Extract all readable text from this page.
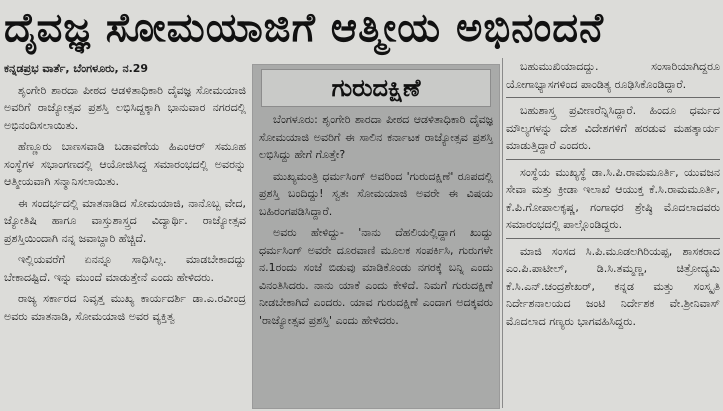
ದೈವಜ್ಞ ಸೋಮಯಾಜಿಗೆ ಆತ್ಮೀಯ ಅಭಿನಂದನೆ

ಕನ್ನಡಪ್ರಭ ವಾರ್ತೆ, ಬೆಂಗಳೂರು, ನ.29

ಶೃಂಗೇರಿ ಶಾರದಾ ಪೀಠದ ಆಡಳಿತಾಧಿಕಾರಿ ದೈವಜ್ಞ ಸೋಮಯಾಜಿ ಅವರಿಗೆ ರಾಜ್ಯೋತ್ಸವ ಪ್ರಶಸ್ತಿ ಲಭಿಸಿದ್ದಕ್ಕಾಗಿ ಭಾನುವಾರ ನಗರದಲ್ಲಿ ಅಭಿನಂದಿಸಲಾಯಿತು.

ಹೆಣ್ಣೂರು ಬಾಣಸವಾಡಿ ಬಡಾವಣೆಯ ಹಿಎಂಆರ್ ಸಮೂಹ ಸಂಸ್ಥೆಗಳ ಸಭಾಂಗಣದಲ್ಲಿ ಆಯೋಜಿಸಿದ್ದ ಸಮಾರಂಭದಲ್ಲಿ ಅವರನ್ನು ಆತ್ಮೀಯವಾಗಿ ಸನ್ಮಾನಿಸಲಾಯಿತು.

ಈ ಸಂದರ್ಭದಲ್ಲಿ ಮಾತನಾಡಿದ ಸೋಮಯಾಜಿ, ನಾನೊಬ್ಬ ವೇದ, ಜ್ಯೋತಿಷಿ ಹಾಗೂ ವಾಸ್ತುಶಾಸ್ತ್ರದ ವಿದ್ಯಾರ್ಥಿ. ರಾಜ್ಯೋತ್ಸವ ಪ್ರಶಸ್ತಿಯಿಂದಾಗಿ ನನ್ನ ಜವಾಬ್ದಾರಿ ಹೆಚ್ಚಿದೆ.

ಇಲ್ಲಿಯವರೆಗೆ ಏನನ್ನೂ ಸಾಧಿಸಿಲ್ಲ. ಮಾಡಬೇಕಾದದ್ದು ಬೇಕಾದಷ್ಟಿದೆ. ಇನ್ನು ಮುಂದೆ ಮಾಡುತ್ತೇನೆ ಎಂದು ಹೇಳಿದರು.

ರಾಜ್ಯ ಸರ್ಕಾರದ ನಿವೃತ್ತ ಮುಖ್ಯ ಕಾರ್ಯದರ್ಶಿ ಡಾ.ಎ.ರವೀಂದ್ರ ಅವರು ಮಾತನಾಡಿ, ಸೋಮಯಾಜಿ ಅವರ ವ್ಯಕ್ತಿತ್ವ

ಗುರುದಕ್ಷಿಣೆ

ಬೆಂಗಳೂರು: ಶೃಂಗೇರಿ ಶಾರದಾ ಪೀಠದ ಆಡಳಿತಾಧಿಕಾರಿ ದೈವಜ್ಞ ಸೋಮಯಾಜಿ ಅವರಿಗೆ ಈ ಸಾಲಿನ ಕರ್ನಾಟಕ ರಾಜ್ಯೋತ್ಸವ ಪ್ರಶಸ್ತಿ ಲಭಿಸಿದ್ದು ಹೇಗೆ ಗೊತ್ತೇ?

ಮುಖ್ಯಮಂತ್ರಿ ಧರ್ಮಸಿಂಗ್ ಅವರಿಂದ 'ಗುರುದಕ್ಷಿಣೆ' ರೂಪದಲ್ಲಿ ಪ್ರಶಸ್ತಿ ಬಂದಿದ್ದು! ಸ್ವತಃ ಸೋಮಯಾಜಿ ಅವರೇ ಈ ವಿಷಯ ಬಹಿರಂಗಪಡಿಸಿದ್ದಾರೆ.

ಅವರು ಹೇಳಿದ್ದು- 'ನಾನು ದೆಹಲಿಯಲ್ಲಿದ್ದಾಗ ಖುದ್ದು ಧರ್ಮಸಿಂಗ್ ಅವರೇ ದೂರವಾಣಿ ಮೂಲಕ ಸಂಪರ್ಕಿಸಿ, ಗುರುಗಳೇ ನ.1ರಂದು ಸಂಜೆ ಬಿಡುವು ಮಾಡಿಕೊಂಡು ನಗರಕ್ಕೆ ಬನ್ನಿ ಎಂದು ವಿನಂತಿಸಿದರು. ನಾನು ಯಾಕೆ ಎಂದು ಕೇಳಿದೆ. ನಿಮಗೆ ಗುರುದಕ್ಷಿಣೆ ನೀಡಬೇಕಾಗಿದೆ ಎಂದರು. ಯಾವ ಗುರುದಕ್ಷಿಣೆ ಎಂದಾಗ ಅದಕ್ಕವರು 'ರಾಜ್ಯೋತ್ಸವ ಪ್ರಶಸ್ತಿ' ಎಂದು ಹೇಳಿದರು.

ಬಹುಮುಖಿಯಾದದ್ದು. ಸಂಸಾರಿಯಾಗಿದ್ದರೂ ಯೋಗಾಭ್ಯಾಸಗಳಿಂದ ಪಾಂಡಿತ್ಯ ರೂಢಿಸಿಕೊಂಡಿದ್ದಾರೆ.

ಬಹುಶಾಸ್ತ್ರ ಪ್ರವೀಣರೆನ್ನಿಸಿದ್ದಾರೆ. ಹಿಂದೂ ಧರ್ಮದ ಮೌಲ್ಯಗಳನ್ನು ದೇಶ ವಿದೇಶಗಳಿಗೆ ಹರಡುವ ಮಹತ್ಕಾರ್ಯ ಮಾಡುತ್ತಿದ್ದಾರೆ ಎಂದರು.

ಸಂಸ್ಥೆಯ ಮುಖ್ಯಸ್ಥೆ ಡಾ.ಸಿ.ಪಿ.ರಾಮಮೂರ್ತಿ, ಯುವಜನ ಸೇವಾ ಮತ್ತು ಕ್ರೀಡಾ ಇಲಾಖೆ ಆಯುಕ್ತ ಕೆ.ಸಿ.ರಾಮಮೂರ್ತಿ, ಕೆ.ಪಿ.ಗೋಪಾಲಕೃಷ್ಣ, ಗಂಗಾಧರ ಶ್ರೇಷ್ಠಿ ಮೊದಲಾದವರು ಸಮಾರಂಭದಲ್ಲಿ ಪಾಲ್ಗೊಂಡಿದ್ದರು.

ಮಾಜಿ ಸಂಸದ ಸಿ.ಪಿ.ಮೂಡಲಗಿರಿಯಪ್ಪ, ಶಾಸಕರಾದ ಎಂ.ಪಿ.ಪಾಟೀಲ್, ಡಿ.ಸಿ.ತಮ್ಮಣ್ಣ, ಚಿತ್ರೋದ್ಯಮಿ ಕೆ.ಸಿ.ಎನ್.ಚಂದ್ರಶೇಖರ್, ಕನ್ನಡ ಮತ್ತು ಸಂಸ್ಕೃತಿ ನಿರ್ದೇಶನಾಲಯದ ಜಂಟಿ ನಿರ್ದೇಶಕ ವೇ.ಶ್ರೀನಿವಾಸ್ ಮೊದಲಾದ ಗಣ್ಯರು ಭಾಗವಹಿಸಿದ್ದರು.
